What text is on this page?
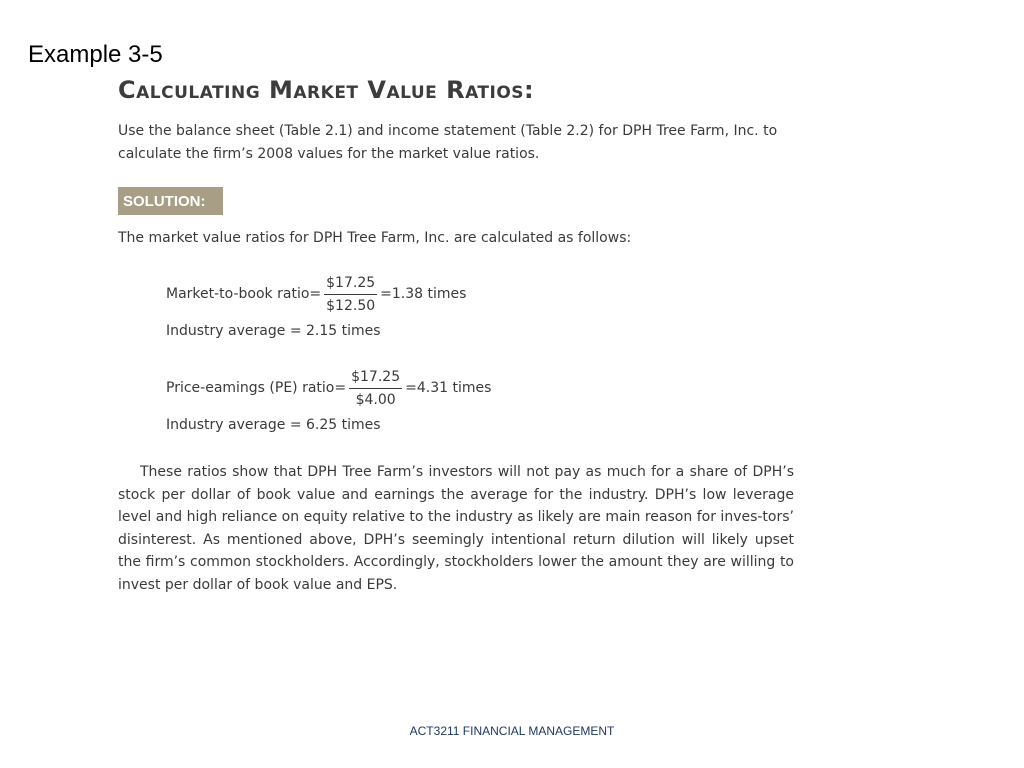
Example 3-5
Calculating Market Value Ratios:
Use the balance sheet (Table 2.1) and income statement (Table 2.2) for DPH Tree Farm, Inc. to calculate the firm’s 2008 values for the market value ratios.
SOLUTION:
The market value ratios for DPH Tree Farm, Inc. are calculated as follows:
Market-to-book ratio = $\frac{\$17.25}{\$12.50} = 1.38$ times
Industry average = 2.15 times
Price-eamings (PE) ratio = $\frac{\$17.25}{\$4.00} = 4.31$ times
Industry average = 6.25 times
These ratios show that DPH Tree Farm’s investors will not pay as much for a share of DPH’s stock per dollar of book value and earnings the average for the industry. DPH’s low leverage level and high reliance on equity relative to the industry as likely are main reason for inves-tors’ disinterest. As mentioned above, DPH’s seemingly intentional return dilution will likely upset the firm’s common stockholders. Accordingly, stockholders lower the amount they are willing to invest per dollar of book value and EPS.
ACT3211 FINANCIAL MANAGEMENT
